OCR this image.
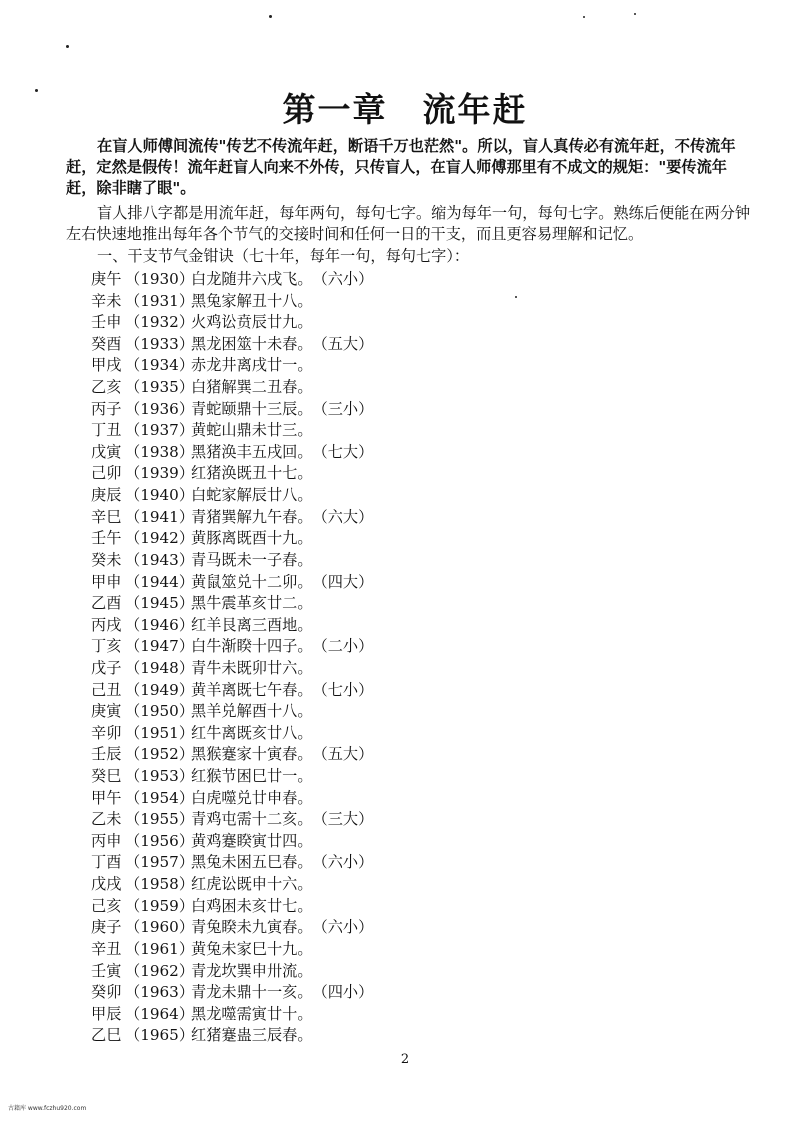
第一章　流年赶

在盲人师傅间流传"传艺不传流年赶，断语千万也茫然"。所以，盲人真传必有流年赶，不传流年赶，定然是假传！流年赶盲人向来不外传，只传盲人，在盲人师傅那里有不成文的规矩："要传流年赶，除非瞎了眼"。

盲人排八字都是用流年赶，每年两句，每句七字。缩为每年一句，每句七字。熟练后便能在两分钟左右快速地推出每年各个节气的交接时间和任何一日的干支，而且更容易理解和记忆。

一、干支节气金钳诀（七十年，每年一句，每句七字）：

庚午 （1930）白龙随井六戌飞。（六小）
辛未 （1931）黑兔家解丑十八。
壬申 （1932）火鸡讼贲辰廿九。
癸酉 （1933）黑龙困筮十未春。（五大）
甲戌 （1934）赤龙井离戌廿一。
乙亥 （1935）白猪解巽二丑春。
丙子 （1936）青蛇颐鼎十三辰。（三小）
丁丑 （1937）黄蛇山鼎未廿三。
戊寅 （1938）黑猪涣丰五戌回。（七大）
己卯 （1939）红猪涣既丑十七。
庚辰 （1940）白蛇家解辰廿八。
辛巳 （1941）青猪巽解九午春。（六大）
壬午 （1942）黄豚离既酉十九。
癸未 （1943）青马既未一子春。
甲申 （1944）黄鼠筮兑十二卯。（四大）
乙酉 （1945）黑牛震革亥廿二。
丙戌 （1946）红羊艮离三酉地。
丁亥 （1947）白牛渐睽十四子。（二小）
戊子 （1948）青牛未既卯廿六。
己丑 （1949）黄羊离既七午春。（七小）
庚寅 （1950）黑羊兑解酉十八。
辛卯 （1951）红牛离既亥廿八。
壬辰 （1952）黑猴蹇家十寅春。（五大）
癸巳 （1953）红猴节困巳廿一。
甲午 （1954）白虎噬兑廿申春。
乙未 （1955）青鸡屯需十二亥。（三大）
丙申 （1956）黄鸡蹇睽寅廿四。
丁酉 （1957）黑兔未困五巳春。（六小）
戊戌 （1958）红虎讼既申十六。
己亥 （1959）白鸡困未亥廿七。
庚子 （1960）青兔睽未九寅春。（六小）
辛丑 （1961）黄兔未家巳十九。
壬寅 （1962）青龙坎巽申卅流。
癸卯 （1963）青龙未鼎十一亥。（四小）
甲辰 （1964）黑龙噬需寅廿十。
乙巳 （1965）红猪蹇蛊三辰春。
2
古籍库 www.fczhu920.com
